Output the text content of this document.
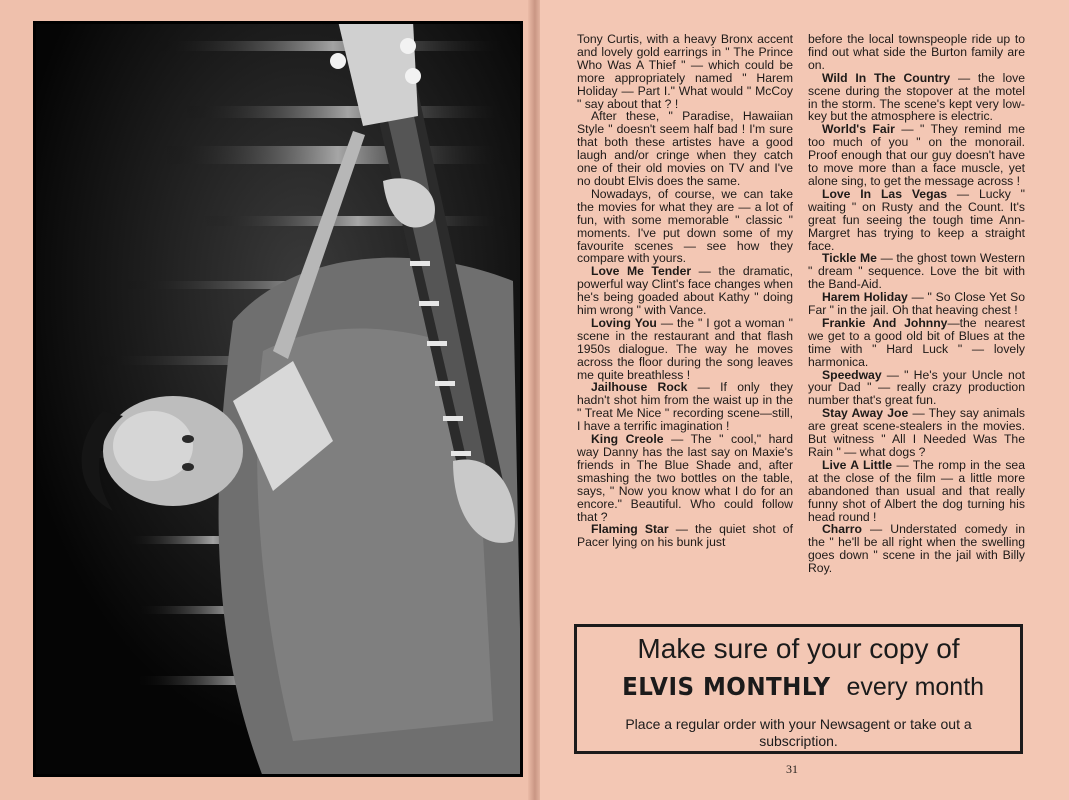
Tony Curtis, with a heavy Bronx accent and lovely gold earrings in " The Prince Who Was A Thief " — which could be more appropriately named " Harem Holiday — Part I." What would " McCoy " say about that ? !

After these, " Paradise, Hawaiian Style " doesn't seem half bad ! I'm sure that both these artistes have a good laugh and/or cringe when they catch one of their old movies on TV and I've no doubt Elvis does the same.

Nowadays, of course, we can take the movies for what they are — a lot of fun, with some memorable " classic " moments. I've put down some of my favourite scenes — see how they compare with yours.

Love Me Tender — the dramatic, powerful way Clint's face changes when he's being goaded about Kathy " doing him wrong " with Vance.

Loving You — the " I got a woman " scene in the restaurant and that flash 1950s dialogue. The way he moves across the floor during the song leaves me quite breathless !

Jailhouse Rock — If only they hadn't shot him from the waist up in the " Treat Me Nice " recording scene—still, I have a terrific imagination !

King Creole — The " cool," hard way Danny has the last say on Maxie's friends in The Blue Shade and, after smashing the two bottles on the table, says, " Now you know what I do for an encore." Beautiful. Who could follow that ?

Flaming Star — the quiet shot of Pacer lying on his bunk just

before the local townspeople ride up to find out what side the Burton family are on.

Wild In The Country — the love scene during the stopover at the motel in the storm. The scene's kept very low-key but the atmosphere is electric.

World's Fair — " They remind me too much of you " on the monorail. Proof enough that our guy doesn't have to move more than a face muscle, yet alone sing, to get the message across !

Love In Las Vegas — Lucky " waiting " on Rusty and the Count. It's great fun seeing the tough time Ann-Margret has trying to keep a straight face.

Tickle Me — the ghost town Western " dream " sequence. Love the bit with the Band-Aid.

Harem Holiday — " So Close Yet So Far " in the jail. Oh that heaving chest !

Frankie And Johnny—the nearest we get to a good old bit of Blues at the time with " Hard Luck " — lovely harmonica.

Speedway — " He's your Uncle not your Dad " — really crazy production number that's great fun.

Stay Away Joe — They say animals are great scene-stealers in the movies. But witness " All I Needed Was The Rain " — what dogs ?

Live A Little — The romp in the sea at the close of the film — a little more abandoned than usual and that really funny shot of Albert the dog turning his head round !

Charro — Understated comedy in the " he'll be all right when the swelling goes down " scene in the jail with Billy Roy.

Make sure of your copy of
ELVIS MONTHLY every month
Place a regular order with your Newsagent or take out a subscription.
31
